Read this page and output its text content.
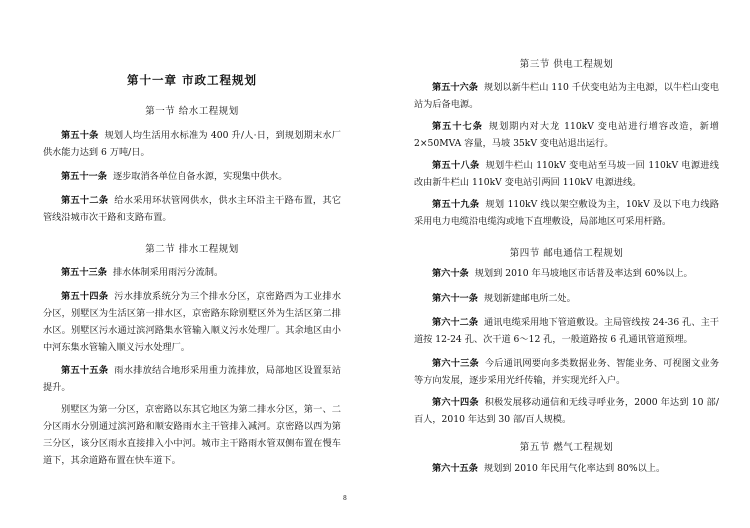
第十一章 市政工程规划
第一节 给水工程规划

第五十条 规划人均生活用水标准为 400 升/人·日，到规划期末水厂供水能力达到 6 万吨/日。

第五十一条 逐步取消各单位自备水源，实现集中供水。

第五十二条 给水采用环状管网供水，供水主环沿主干路布置，其它管线沿城市次干路和支路布置。

第二节 排水工程规划

第五十三条 排水体制采用雨污分流制。

第五十四条 污水排放系统分为三个排水分区，京密路西为工业排水分区，别墅区为生活区第一排水区，京密路东除别墅区外为生活区第二排水区。别墅区污水通过滨河路集水管输入顺义污水处理厂。其余地区由小中河东集水管输入顺义污水处理厂。

第五十五条 雨水排放结合地形采用重力流排放，局部地区设置泵站提升。

别墅区为第一分区，京密路以东其它地区为第二排水分区，第一、二分区雨水分别通过滨河路和顺安路雨水主干管排入减河。京密路以西为第三分区，该分区雨水直接排入小中河。城市主干路雨水管双侧布置在慢车道下，其余道路布置在快车道下。

第三节 供电工程规划

第五十六条 规划以新牛栏山 110 千伏变电站为主电源，以牛栏山变电站为后备电源。

第五十七条 规划期内对大龙 110kV 变电站进行增容改造，新增 2×50MVA 容量，马坡 35kV 变电站退出运行。

第五十八条 规划牛栏山 110kV 变电站至马坡一回 110kV 电源进线改由新牛栏山 110kV 变电站引两回 110kV 电源进线。

第五十九条 规划 110kV 线以架空敷设为主，10kV 及以下电力线路采用电力电缆沿电缆沟或地下直埋敷设，局部地区可采用杆路。

第四节 邮电通信工程规划

第六十条 规划到 2010 年马坡地区市话普及率达到 60%以上。

第六十一条 规划新建邮电所二处。

第六十二条 通讯电缆采用地下管道敷设。主局管线按 24-36 孔、主干道按 12-24 孔、次干道 6～12 孔，一般道路按 6 孔通讯管道预埋。

第六十三条 今后通讯网要向多类数据业务、智能业务、可视图文业务等方向发展，逐步采用光纤传输，并实现光纤入户。

第六十四条 积极发展移动通信和无线寻呼业务，2000 年达到 10 部/百人，2010 年达到 30 部/百人规模。

第五节 燃气工程规划

第六十五条 规划到 2010 年民用气化率达到 80%以上。

8
